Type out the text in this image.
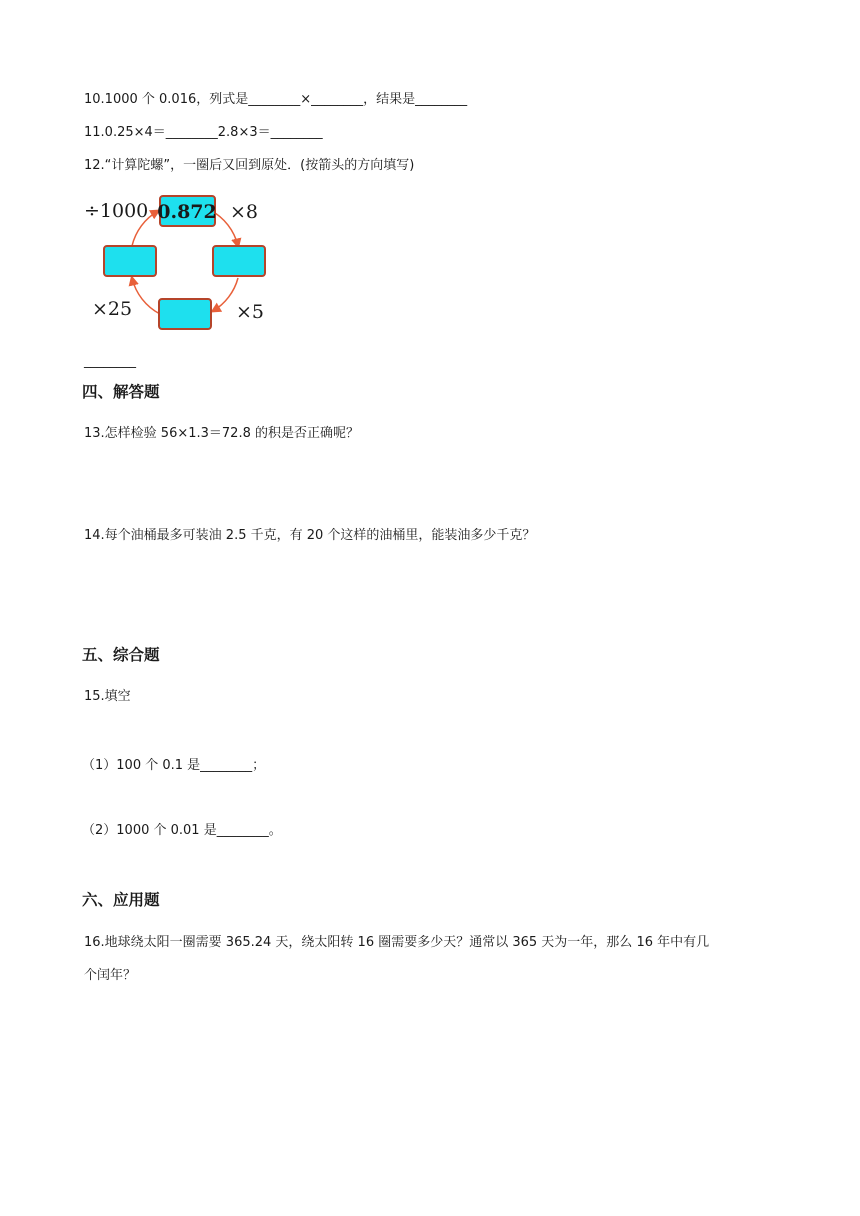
10.1000 个 0.016，列式是________×________，结果是________
11.0.25×4＝________2.8×3＝________
12.“计算陀螺”，一圈后又回到原处．(按箭头的方向填写)
0.872
÷1000	×8
×25	×5
________
四、解答题
13.怎样检验 56×1.3＝72.8 的积是否正确呢？
14.每个油桶最多可装油 2.5 千克，有 20 个这样的油桶里，能装油多少千克？
五、综合题
15.填空
（1）100 个 0.1 是________；
（2）1000 个 0.01 是________。
六、应用题
16.地球绕太阳一圈需要 365.24 天，绕太阳转 16 圈需要多少天？通常以 365 天为一年，那么 16 年中有几
个闰年？
